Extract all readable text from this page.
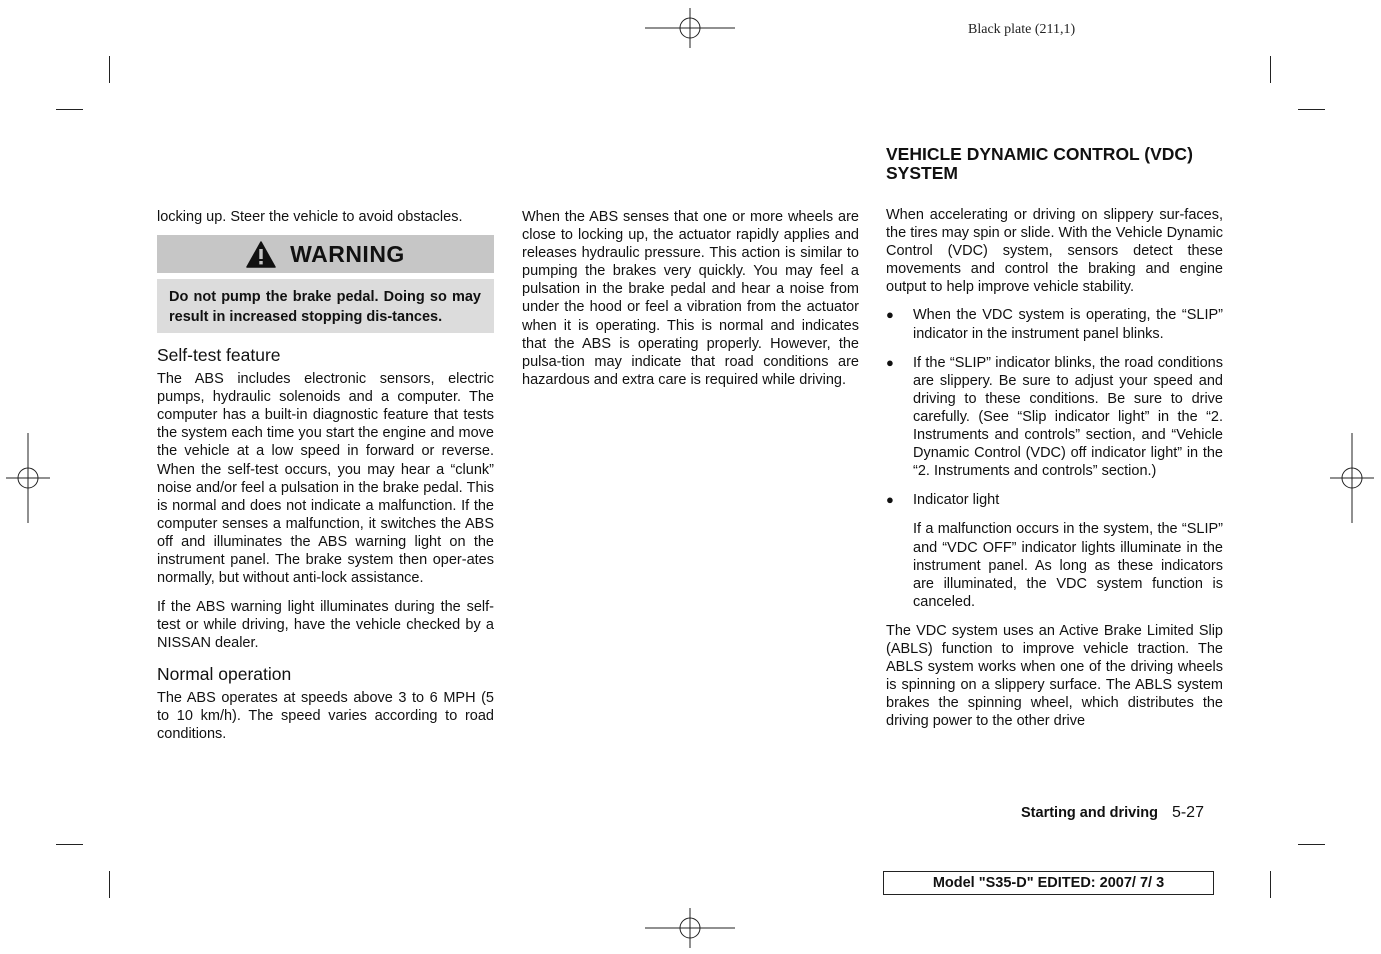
Black plate (211,1)

locking up. Steer the vehicle to avoid obstacles.

WARNING
Do not pump the brake pedal. Doing so may result in increased stopping dis-tances.
Self-test feature

The ABS includes electronic sensors, electric pumps, hydraulic solenoids and a computer. The computer has a built-in diagnostic feature that tests the system each time you start the engine and move the vehicle at a low speed in forward or reverse. When the self-test occurs, you may hear a “clunk” noise and/or feel a pulsation in the brake pedal. This is normal and does not indicate a malfunction. If the computer senses a malfunction, it switches the ABS off and illuminates the ABS warning light on the instrument panel. The brake system then oper-ates normally, but without anti-lock assistance.

If the ABS warning light illuminates during the self-test or while driving, have the vehicle checked by a NISSAN dealer.

Normal operation

The ABS operates at speeds above 3 to 6 MPH (5 to 10 km/h). The speed varies according to road conditions.

When the ABS senses that one or more wheels are close to locking up, the actuator rapidly applies and releases hydraulic pressure. This action is similar to pumping the brakes very quickly. You may feel a pulsation in the brake pedal and hear a noise from under the hood or feel a vibration from the actuator when it is operating. This is normal and indicates that the ABS is operating properly. However, the pulsa-tion may indicate that road conditions are hazardous and extra care is required while driving.

VEHICLE DYNAMIC CONTROL (VDC) SYSTEM

When accelerating or driving on slippery sur-faces, the tires may spin or slide. With the Vehicle Dynamic Control (VDC) system, sensors detect these movements and control the braking and engine output to help improve vehicle stability.

● When the VDC system is operating, the “SLIP” indicator in the instrument panel blinks.
● If the “SLIP” indicator blinks, the road conditions are slippery. Be sure to adjust your speed and driving to these conditions. Be sure to drive carefully. (See “Slip indicator light” in the “2. Instruments and controls” section, and “Vehicle Dynamic Control (VDC) off indicator light” in the “2. Instruments and controls” section.)
● Indicator light

If a malfunction occurs in the system, the “SLIP” and “VDC OFF” indicator lights illuminate in the instrument panel. As long as these indicators are illuminated, the VDC system function is canceled.

The VDC system uses an Active Brake Limited Slip (ABLS) function to improve vehicle traction. The ABLS system works when one of the driving wheels is spinning on a slippery surface. The ABLS system brakes the spinning wheel, which distributes the driving power to the other drive

Starting and driving 5-27
Model "S35-D" EDITED: 2007/ 7/ 3
